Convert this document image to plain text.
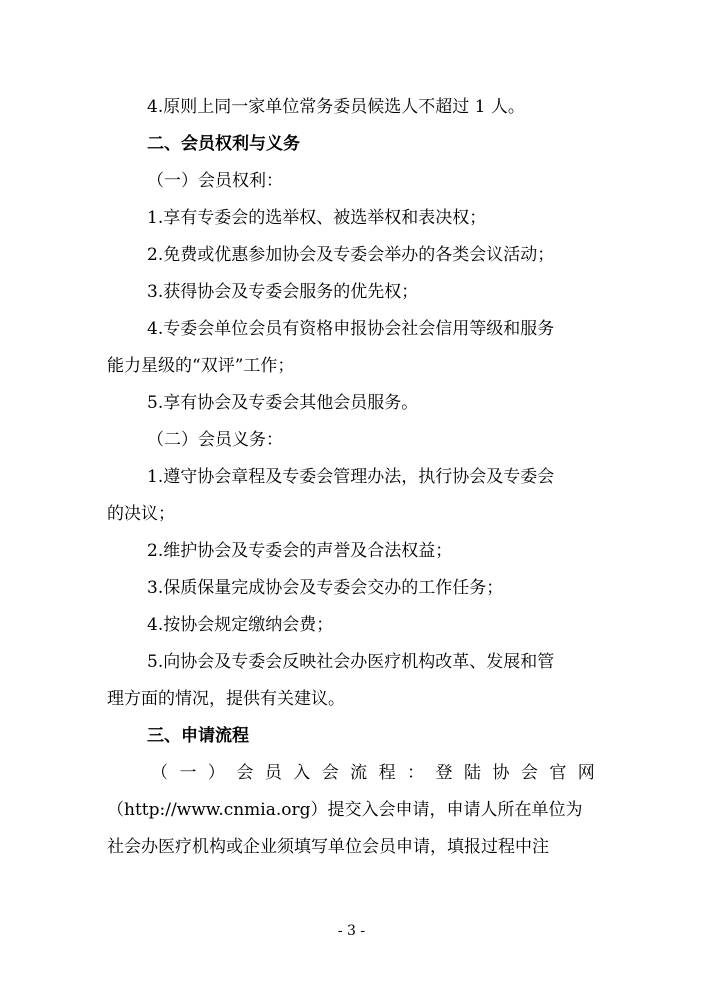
4.原则上同一家单位常务委员候选人不超过 1 人。
二、会员权利与义务
（一）会员权利：
1.享有专委会的选举权、被选举权和表决权；
2.免费或优惠参加协会及专委会举办的各类会议活动；
3.获得协会及专委会服务的优先权；
4.专委会单位会员有资格申报协会社会信用等级和服务
能力星级的“双评”工作；
5.享有协会及专委会其他会员服务。
（二）会员义务：
1.遵守协会章程及专委会管理办法，执行协会及专委会
的决议；
2.维护协会及专委会的声誉及合法权益；
3.保质保量完成协会及专委会交办的工作任务；
4.按协会规定缴纳会费；
5.向协会及专委会反映社会办医疗机构改革、发展和管
理方面的情况，提供有关建议。
三、申请流程
（ 一 ） 会 员 入 会 流 程 ： 登 陆 协 会 官 网
（http://www.cnmia.org）提交入会申请，申请人所在单位为
社会办医疗机构或企业须填写单位会员申请，填报过程中注
- 3 -
